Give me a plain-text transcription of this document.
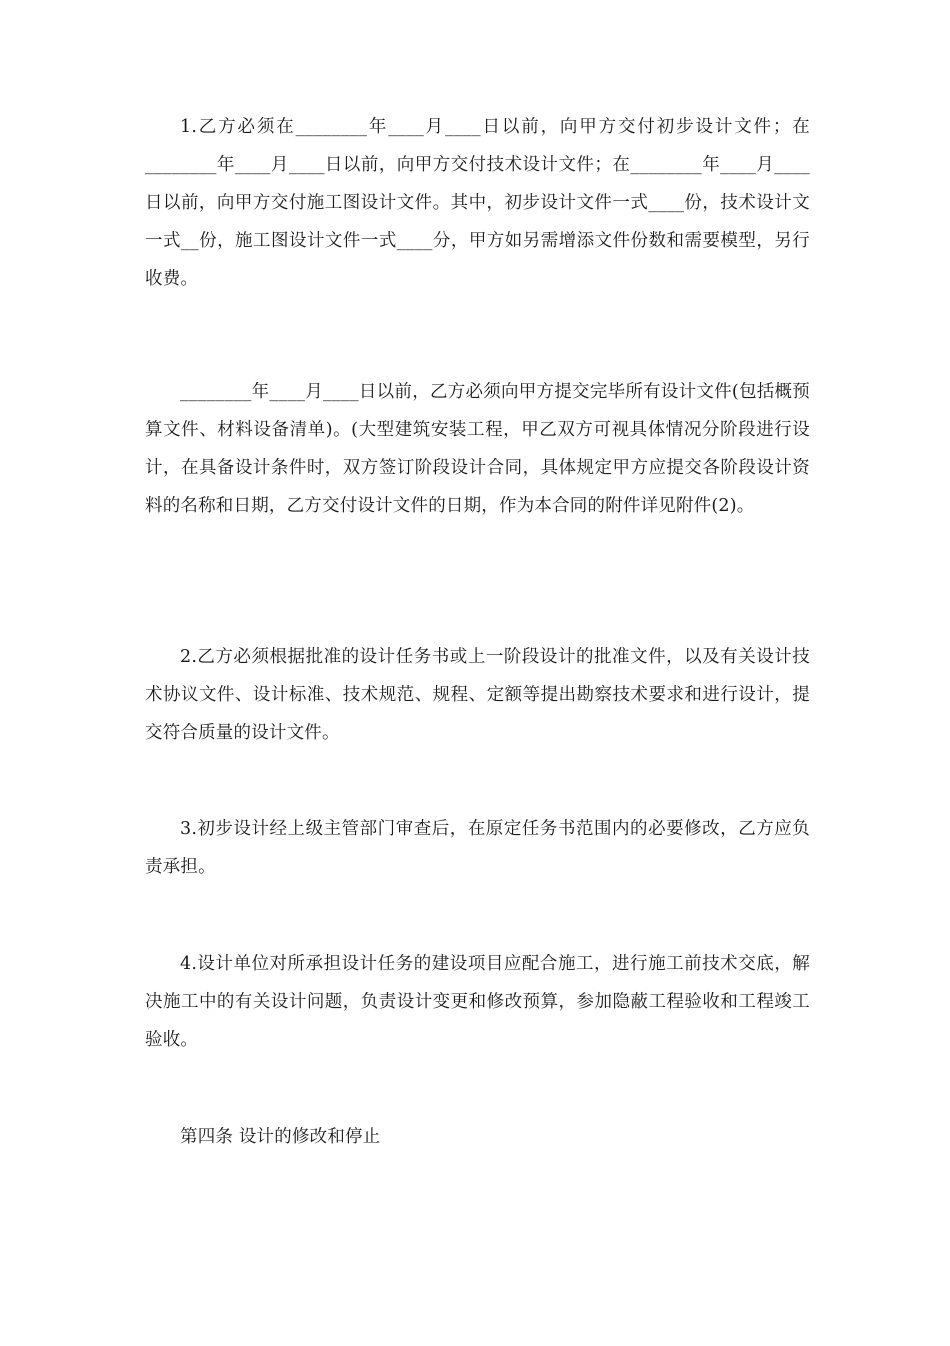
1.乙方必须在________年____月____日以前，向甲方交付初步设计文件；在________年____月____日以前，向甲方交付技术设计文件；在________年____月____日以前，向甲方交付施工图设计文件。其中，初步设计文件一式____份，技术设计文一式__份，施工图设计文件一式____分，甲方如另需增添文件份数和需要模型，另行收费。

________年____月____日以前，乙方必须向甲方提交完毕所有设计文件(包括概预算文件、材料设备清单)。(大型建筑安装工程，甲乙双方可视具体情况分阶段进行设计，在具备设计条件时，双方签订阶段设计合同，具体规定甲方应提交各阶段设计资料的名称和日期，乙方交付设计文件的日期，作为本合同的附件详见附件(2)。

2.乙方必须根据批准的设计任务书或上一阶段设计的批准文件，以及有关设计技术协议文件、设计标准、技术规范、规程、定额等提出勘察技术要求和进行设计，提交符合质量的设计文件。

3.初步设计经上级主管部门审查后，在原定任务书范围内的必要修改，乙方应负责承担。

4.设计单位对所承担设计任务的建设项目应配合施工，进行施工前技术交底，解决施工中的有关设计问题，负责设计变更和修改预算，参加隐蔽工程验收和工程竣工验收。

第四条 设计的修改和停止
